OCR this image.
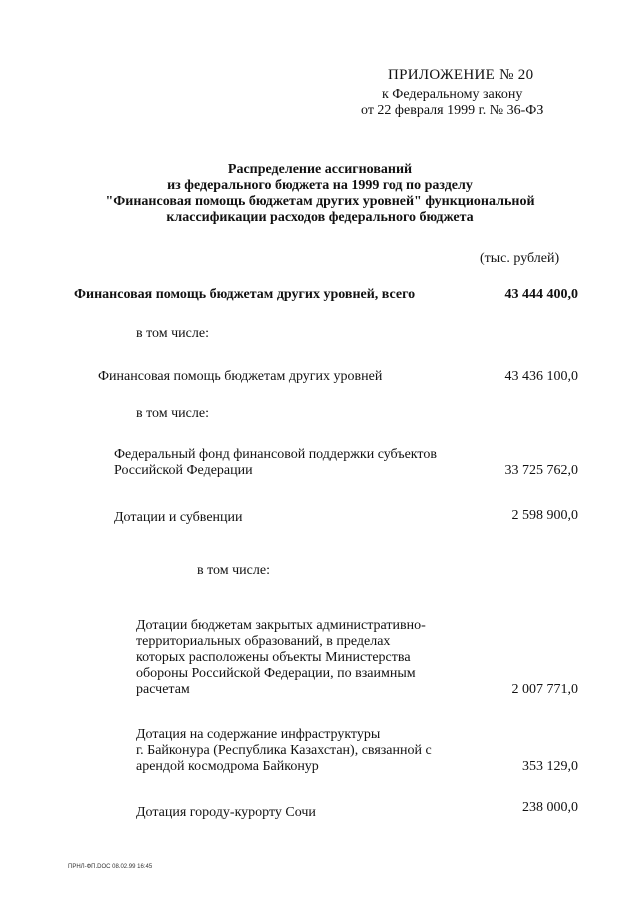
ПРИЛОЖЕНИЕ № 20
к Федеральному закону
от 22 февраля 1999 г. № 36-ФЗ
Распределение ассигнований
из федерального бюджета на 1999 год по разделу
"Финансовая помощь бюджетам других уровней" функциональной
классификации расходов федерального бюджета
(тыс. рублей)
Финансовая помощь бюджетам других уровней, всего	43 444 400,0
в том числе:
Финансовая помощь бюджетам других уровней	43 436 100,0
в том числе:
Федеральный фонд финансовой поддержки субъектов
Российской Федерации	33 725 762,0
Дотации и субвенции	2 598 900,0
в том числе:
Дотации бюджетам закрытых административно-
территориальных образований, в пределах
которых расположены объекты Министерства
обороны Российской Федерации, по взаимным
расчетам	2 007 771,0
Дотация на содержание инфраструктуры
г. Байконура (Республика Казахстан), связанной с
арендой космодрома Байконур	353 129,0
Дотация городу-курорту Сочи	238 000,0
ПРНЛ-ФП.DOC 08.02.99 16:45
